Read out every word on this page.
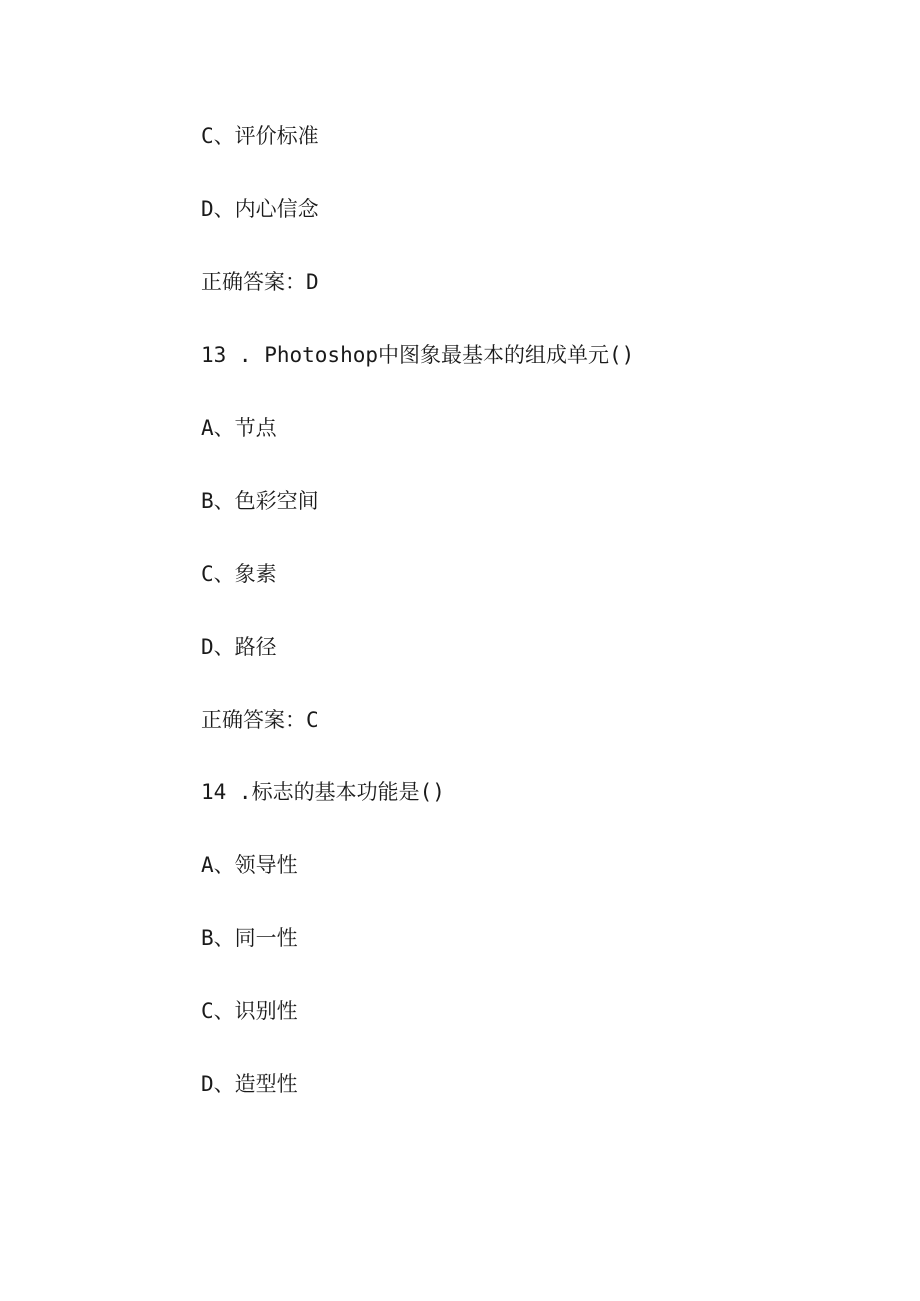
C、评价标准

D、内心信念

正确答案：D

13 . Photoshop中图象最基本的组成单元()

A、节点

B、色彩空间

C、象素

D、路径

正确答案：C

14 .标志的基本功能是()

A、领导性

B、同一性

C、识别性

D、造型性
